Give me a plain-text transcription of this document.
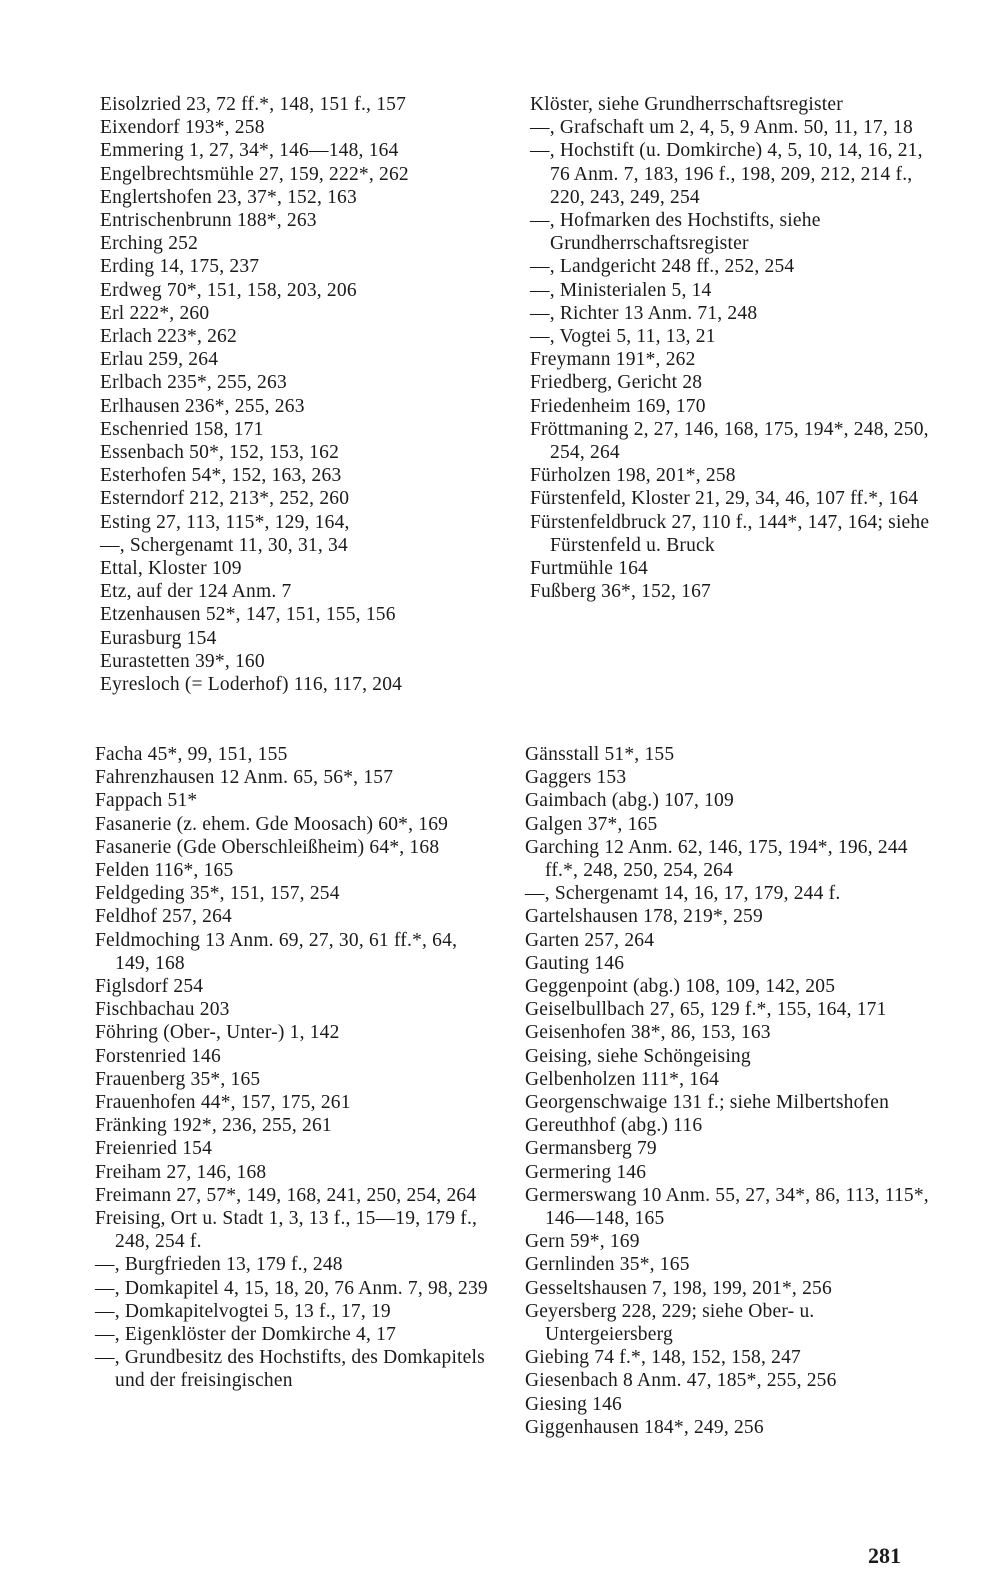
Eisolzried 23, 72 ff.*, 148, 151 f., 157

Eixendorf 193*, 258

Emmering 1, 27, 34*, 146—148, 164

Engelbrechtsmühle 27, 159, 222*, 262

Englertshofen 23, 37*, 152, 163

Entrischenbrunn 188*, 263

Erching 252

Erding 14, 175, 237

Erdweg 70*, 151, 158, 203, 206

Erl 222*, 260

Erlach 223*, 262

Erlau 259, 264

Erlbach 235*, 255, 263

Erlhausen 236*, 255, 263

Eschenried 158, 171

Essenbach 50*, 152, 153, 162

Esterhofen 54*, 152, 163, 263

Esterndorf 212, 213*, 252, 260

Esting 27, 113, 115*, 129, 164,

—, Schergenamt 11, 30, 31, 34

Ettal, Kloster 109

Etz, auf der 124 Anm. 7

Etzenhausen 52*, 147, 151, 155, 156

Eurasburg 154

Eurastetten 39*, 160

Eyresloch (= Loderhof) 116, 117, 204

Klöster, siehe Grundherrschaftsregister

—, Grafschaft um 2, 4, 5, 9 Anm. 50, 11, 17, 18

—, Hochstift (u. Domkirche) 4, 5, 10, 14, 16, 21, 76 Anm. 7, 183, 196 f., 198, 209, 212, 214 f., 220, 243, 249, 254

—, Hofmarken des Hochstifts, siehe Grundherrschaftsregister

—, Landgericht 248 ff., 252, 254

—, Ministerialen 5, 14

—, Richter 13 Anm. 71, 248

—, Vogtei 5, 11, 13, 21

Freymann 191*, 262

Friedberg, Gericht 28

Friedenheim 169, 170

Fröttmaning 2, 27, 146, 168, 175, 194*, 248, 250, 254, 264

Fürholzen 198, 201*, 258

Fürstenfeld, Kloster 21, 29, 34, 46, 107 ff.*, 164

Fürstenfeldbruck 27, 110 f., 144*, 147, 164; siehe Fürstenfeld u. Bruck

Furtmühle 164

Fußberg 36*, 152, 167

Facha 45*, 99, 151, 155

Fahrenzhausen 12 Anm. 65, 56*, 157

Fappach 51*

Fasanerie (z. ehem. Gde Moosach) 60*, 169

Fasanerie (Gde Oberschleißheim) 64*, 168

Felden 116*, 165

Feldgeding 35*, 151, 157, 254

Feldhof 257, 264

Feldmoching 13 Anm. 69, 27, 30, 61 ff.*, 64, 149, 168

Figlsdorf 254

Fischbachau 203

Föhring (Ober-, Unter-) 1, 142

Forstenried 146

Frauenberg 35*, 165

Frauenhofen 44*, 157, 175, 261

Fränking 192*, 236, 255, 261

Freienried 154

Freiham 27, 146, 168

Freimann 27, 57*, 149, 168, 241, 250, 254, 264

Freising, Ort u. Stadt 1, 3, 13 f., 15—19, 179 f., 248, 254 f.

—, Burgfrieden 13, 179 f., 248

—, Domkapitel 4, 15, 18, 20, 76 Anm. 7, 98, 239

—, Domkapitelvogtei 5, 13 f., 17, 19

—, Eigenklöster der Domkirche 4, 17

—, Grundbesitz des Hochstifts, des Domkapitels und der freisingischen

Gänsstall 51*, 155

Gaggers 153

Gaimbach (abg.) 107, 109

Galgen 37*, 165

Garching 12 Anm. 62, 146, 175, 194*, 196, 244 ff.*, 248, 250, 254, 264

—, Schergenamt 14, 16, 17, 179, 244 f.

Gartelshausen 178, 219*, 259

Garten 257, 264

Gauting 146

Geggenpoint (abg.) 108, 109, 142, 205

Geiselbullbach 27, 65, 129 f.*, 155, 164, 171

Geisenhofen 38*, 86, 153, 163

Geising, siehe Schöngeising

Gelbenholzen 111*, 164

Georgenschwaige 131 f.; siehe Milbertshofen

Gereuthhof (abg.) 116

Germansberg 79

Germering 146

Germerswang 10 Anm. 55, 27, 34*, 86, 113, 115*, 146—148, 165

Gern 59*, 169

Gernlinden 35*, 165

Gesseltshausen 7, 198, 199, 201*, 256

Geyersberg 228, 229; siehe Ober- u. Untergeiersberg

Giebing 74 f.*, 148, 152, 158, 247

Giesenbach 8 Anm. 47, 185*, 255, 256

Giesing 146

Giggenhausen 184*, 249, 256

281
